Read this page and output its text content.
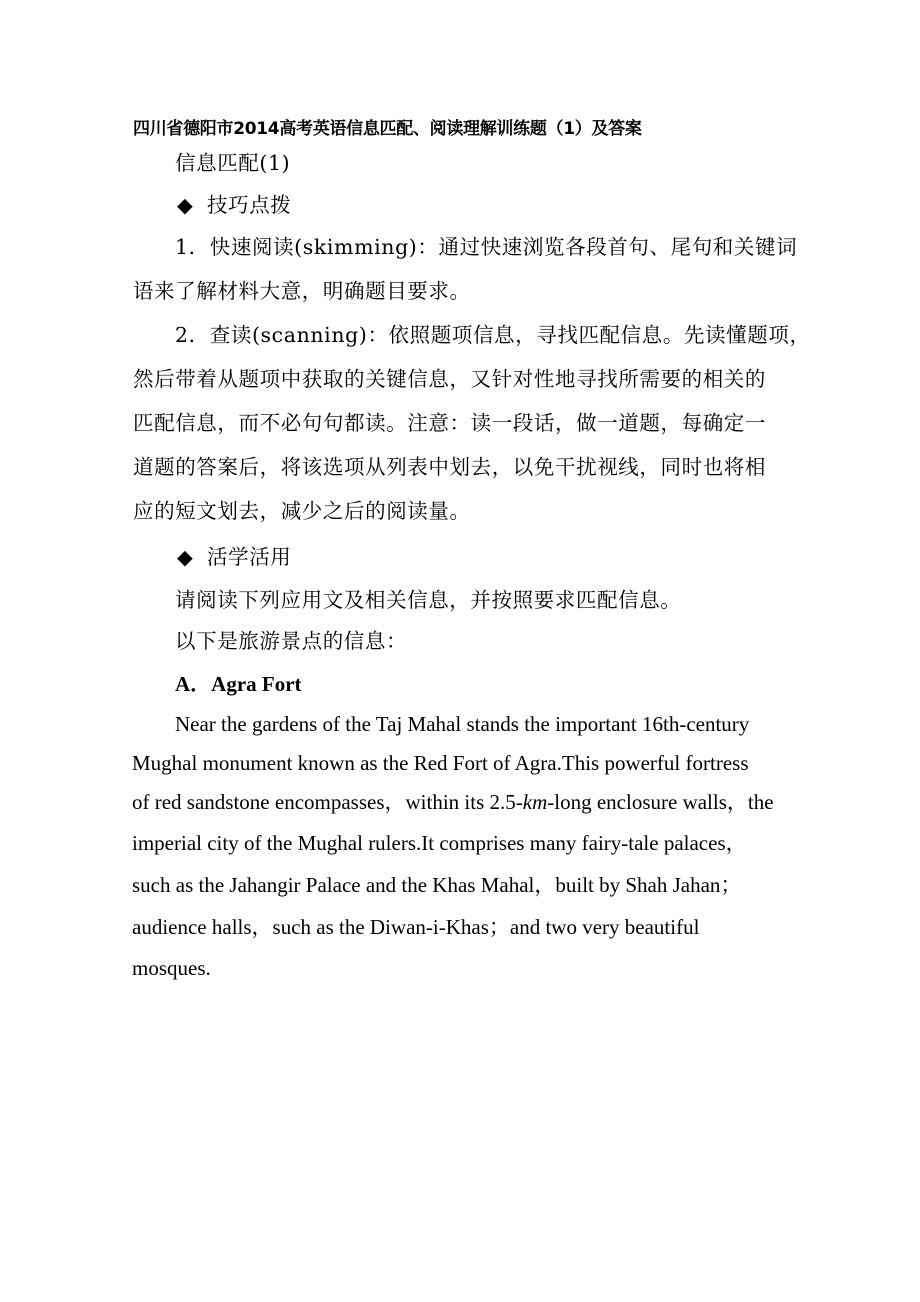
四川省德阳市2014高考英语信息匹配、阅读理解训练题（1）及答案
信息匹配(1)
◆ 技巧点拨
1．快速阅读(skimming)：通过快速浏览各段首句、尾句和关键词
语来了解材料大意，明确题目要求。
2．查读(scanning)：依照题项信息，寻找匹配信息。先读懂题项，
然后带着从题项中获取的关键信息，又针对性地寻找所需要的相关的
匹配信息，而不必句句都读。注意：读一段话，做一道题，每确定一
道题的答案后，将该选项从列表中划去，以免干扰视线，同时也将相
应的短文划去，减少之后的阅读量。
◆ 活学活用
请阅读下列应用文及相关信息，并按照要求匹配信息。
以下是旅游景点的信息：
A．Agra Fort
Near the gardens of the Taj Mahal stands the important 16th-century
Mughal monument known as the Red Fort of Agra.This powerful fortress
of red sandstone encompasses，within its 2.5-km-long enclosure walls，the
imperial city of the Mughal rulers.It comprises many fairy-tale palaces，
such as the Jahangir Palace and the Khas Mahal，built by Shah Jahan；
audience halls，such as the Diwan-i-Khas；and two very beautiful
mosques.
